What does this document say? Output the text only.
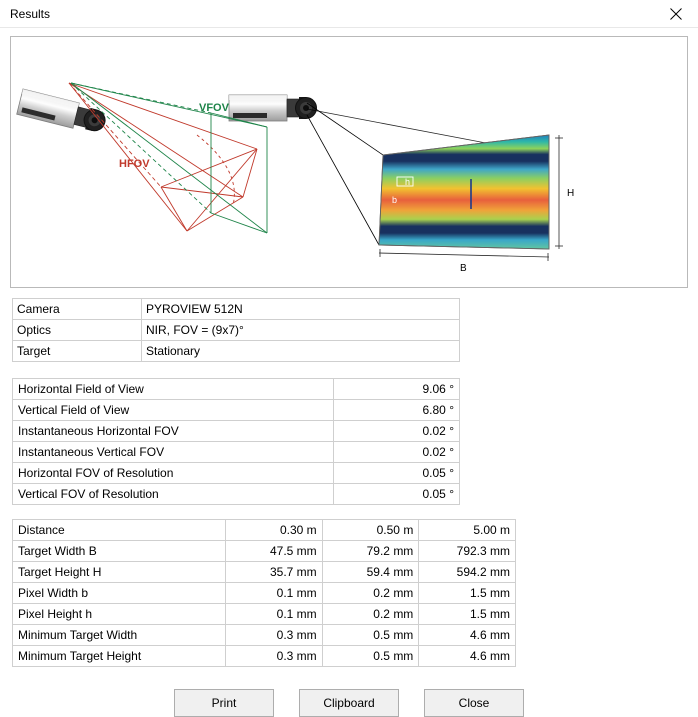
Results
HFOV
VFOV
h
b
H
B
Camera	PYROVIEW 512N
Optics	NIR, FOV = (9x7)°
Target	Stationary
Horizontal Field of View	9.06 °
Vertical Field of View	6.80 °
Instantaneous Horizontal FOV	0.02 °
Instantaneous Vertical FOV	0.02 °
Horizontal FOV of Resolution	0.05 °
Vertical FOV of Resolution	0.05 °
Distance	0.30 m	0.50 m	5.00 m
Target Width B	47.5 mm	79.2 mm	792.3 mm
Target Height H	35.7 mm	59.4 mm	594.2 mm
Pixel Width b	0.1 mm	0.2 mm	1.5 mm
Pixel Height h	0.1 mm	0.2 mm	1.5 mm
Minimum Target Width	0.3 mm	0.5 mm	4.6 mm
Minimum Target Height	0.3 mm	0.5 mm	4.6 mm
Print	Clipboard	Close
